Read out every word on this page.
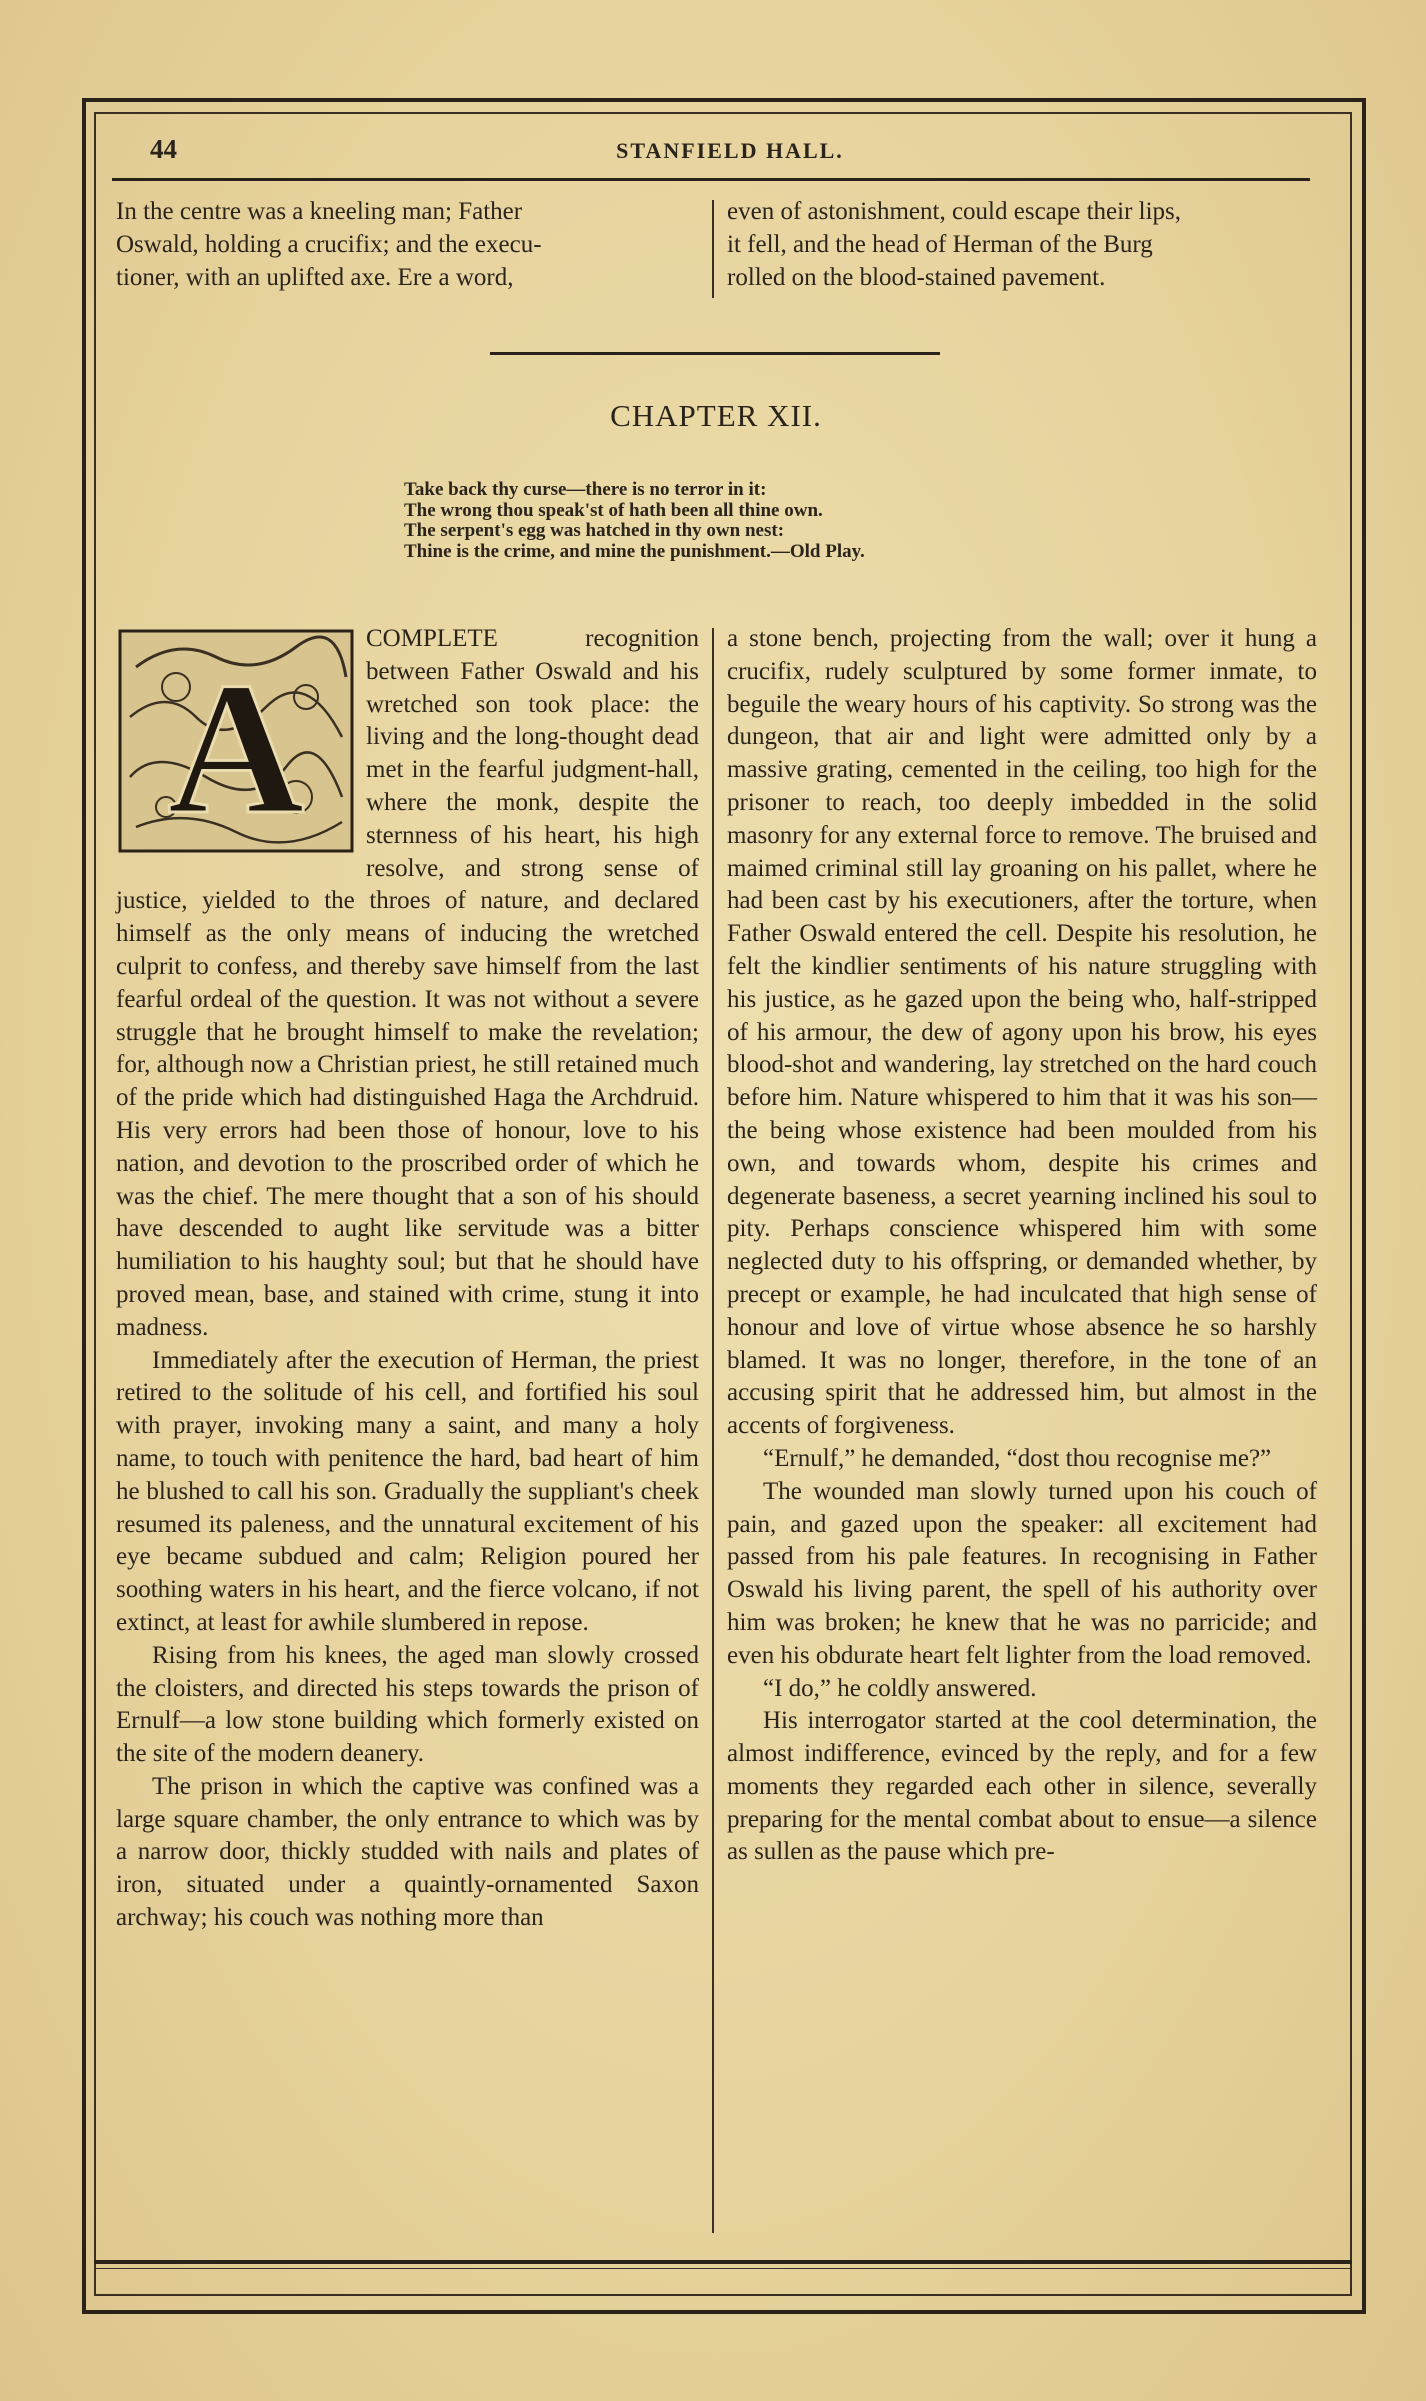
44	STANFIELD HALL.
In the centre was a kneeling man; Father
Oswald, holding a crucifix; and the execu-
tioner, with an uplifted axe. Ere a word,
even of astonishment, could escape their lips,
it fell, and the head of Herman of the Burg
rolled on the blood-stained pavement.
CHAPTER XII.
Take back thy curse—there is no terror in it:
The wrong thou speak'st of hath been all thine own.
The serpent's egg was hatched in thy own nest:
Thine is the crime, and mine the punishment.—Old Play.
A

COMPLETE recognition between Father Oswald and his wretched son took place: the living and the long-thought dead met in the fearful judgment-hall, where the monk, despite the sternness of his heart, his high resolve, and strong sense of justice, yielded to the throes of nature, and declared himself as the only means of inducing the wretched culprit to confess, and thereby save himself from the last fearful ordeal of the question. It was not without a severe struggle that he brought himself to make the revelation; for, although now a Christian priest, he still retained much of the pride which had distinguished Haga the Archdruid. His very errors had been those of honour, love to his nation, and devotion to the proscribed order of which he was the chief. The mere thought that a son of his should have descended to aught like servitude was a bitter humiliation to his haughty soul; but that he should have proved mean, base, and stained with crime, stung it into madness.

Immediately after the execution of Herman, the priest retired to the solitude of his cell, and fortified his soul with prayer, invoking many a saint, and many a holy name, to touch with penitence the hard, bad heart of him he blushed to call his son. Gradually the suppliant's cheek resumed its paleness, and the unnatural excitement of his eye became subdued and calm; Religion poured her soothing waters in his heart, and the fierce volcano, if not extinct, at least for awhile slumbered in repose.

Rising from his knees, the aged man slowly crossed the cloisters, and directed his steps towards the prison of Ernulf—a low stone building which formerly existed on the site of the modern deanery.

The prison in which the captive was confined was a large square chamber, the only entrance to which was by a narrow door, thickly studded with nails and plates of iron, situated under a quaintly-ornamented Saxon archway; his couch was nothing more than

a stone bench, projecting from the wall; over it hung a crucifix, rudely sculptured by some former inmate, to beguile the weary hours of his captivity. So strong was the dungeon, that air and light were admitted only by a massive grating, cemented in the ceiling, too high for the prisoner to reach, too deeply imbedded in the solid masonry for any external force to remove. The bruised and maimed criminal still lay groaning on his pallet, where he had been cast by his executioners, after the torture, when Father Oswald entered the cell. Despite his resolution, he felt the kindlier sentiments of his nature struggling with his justice, as he gazed upon the being who, half-stripped of his armour, the dew of agony upon his brow, his eyes blood-shot and wandering, lay stretched on the hard couch before him. Nature whispered to him that it was his son—the being whose existence had been moulded from his own, and towards whom, despite his crimes and degenerate baseness, a secret yearning inclined his soul to pity. Perhaps conscience whispered him with some neglected duty to his offspring, or demanded whether, by precept or example, he had inculcated that high sense of honour and love of virtue whose absence he so harshly blamed. It was no longer, therefore, in the tone of an accusing spirit that he addressed him, but almost in the accents of forgiveness.

“Ernulf,” he demanded, “dost thou recognise me?”

The wounded man slowly turned upon his couch of pain, and gazed upon the speaker: all excitement had passed from his pale features. In recognising in Father Oswald his living parent, the spell of his authority over him was broken; he knew that he was no parricide; and even his obdurate heart felt lighter from the load removed.

“I do,” he coldly answered.

His interrogator started at the cool determination, the almost indifference, evinced by the reply, and for a few moments they regarded each other in silence, severally preparing for the mental combat about to ensue—a silence as sullen as the pause which pre-
